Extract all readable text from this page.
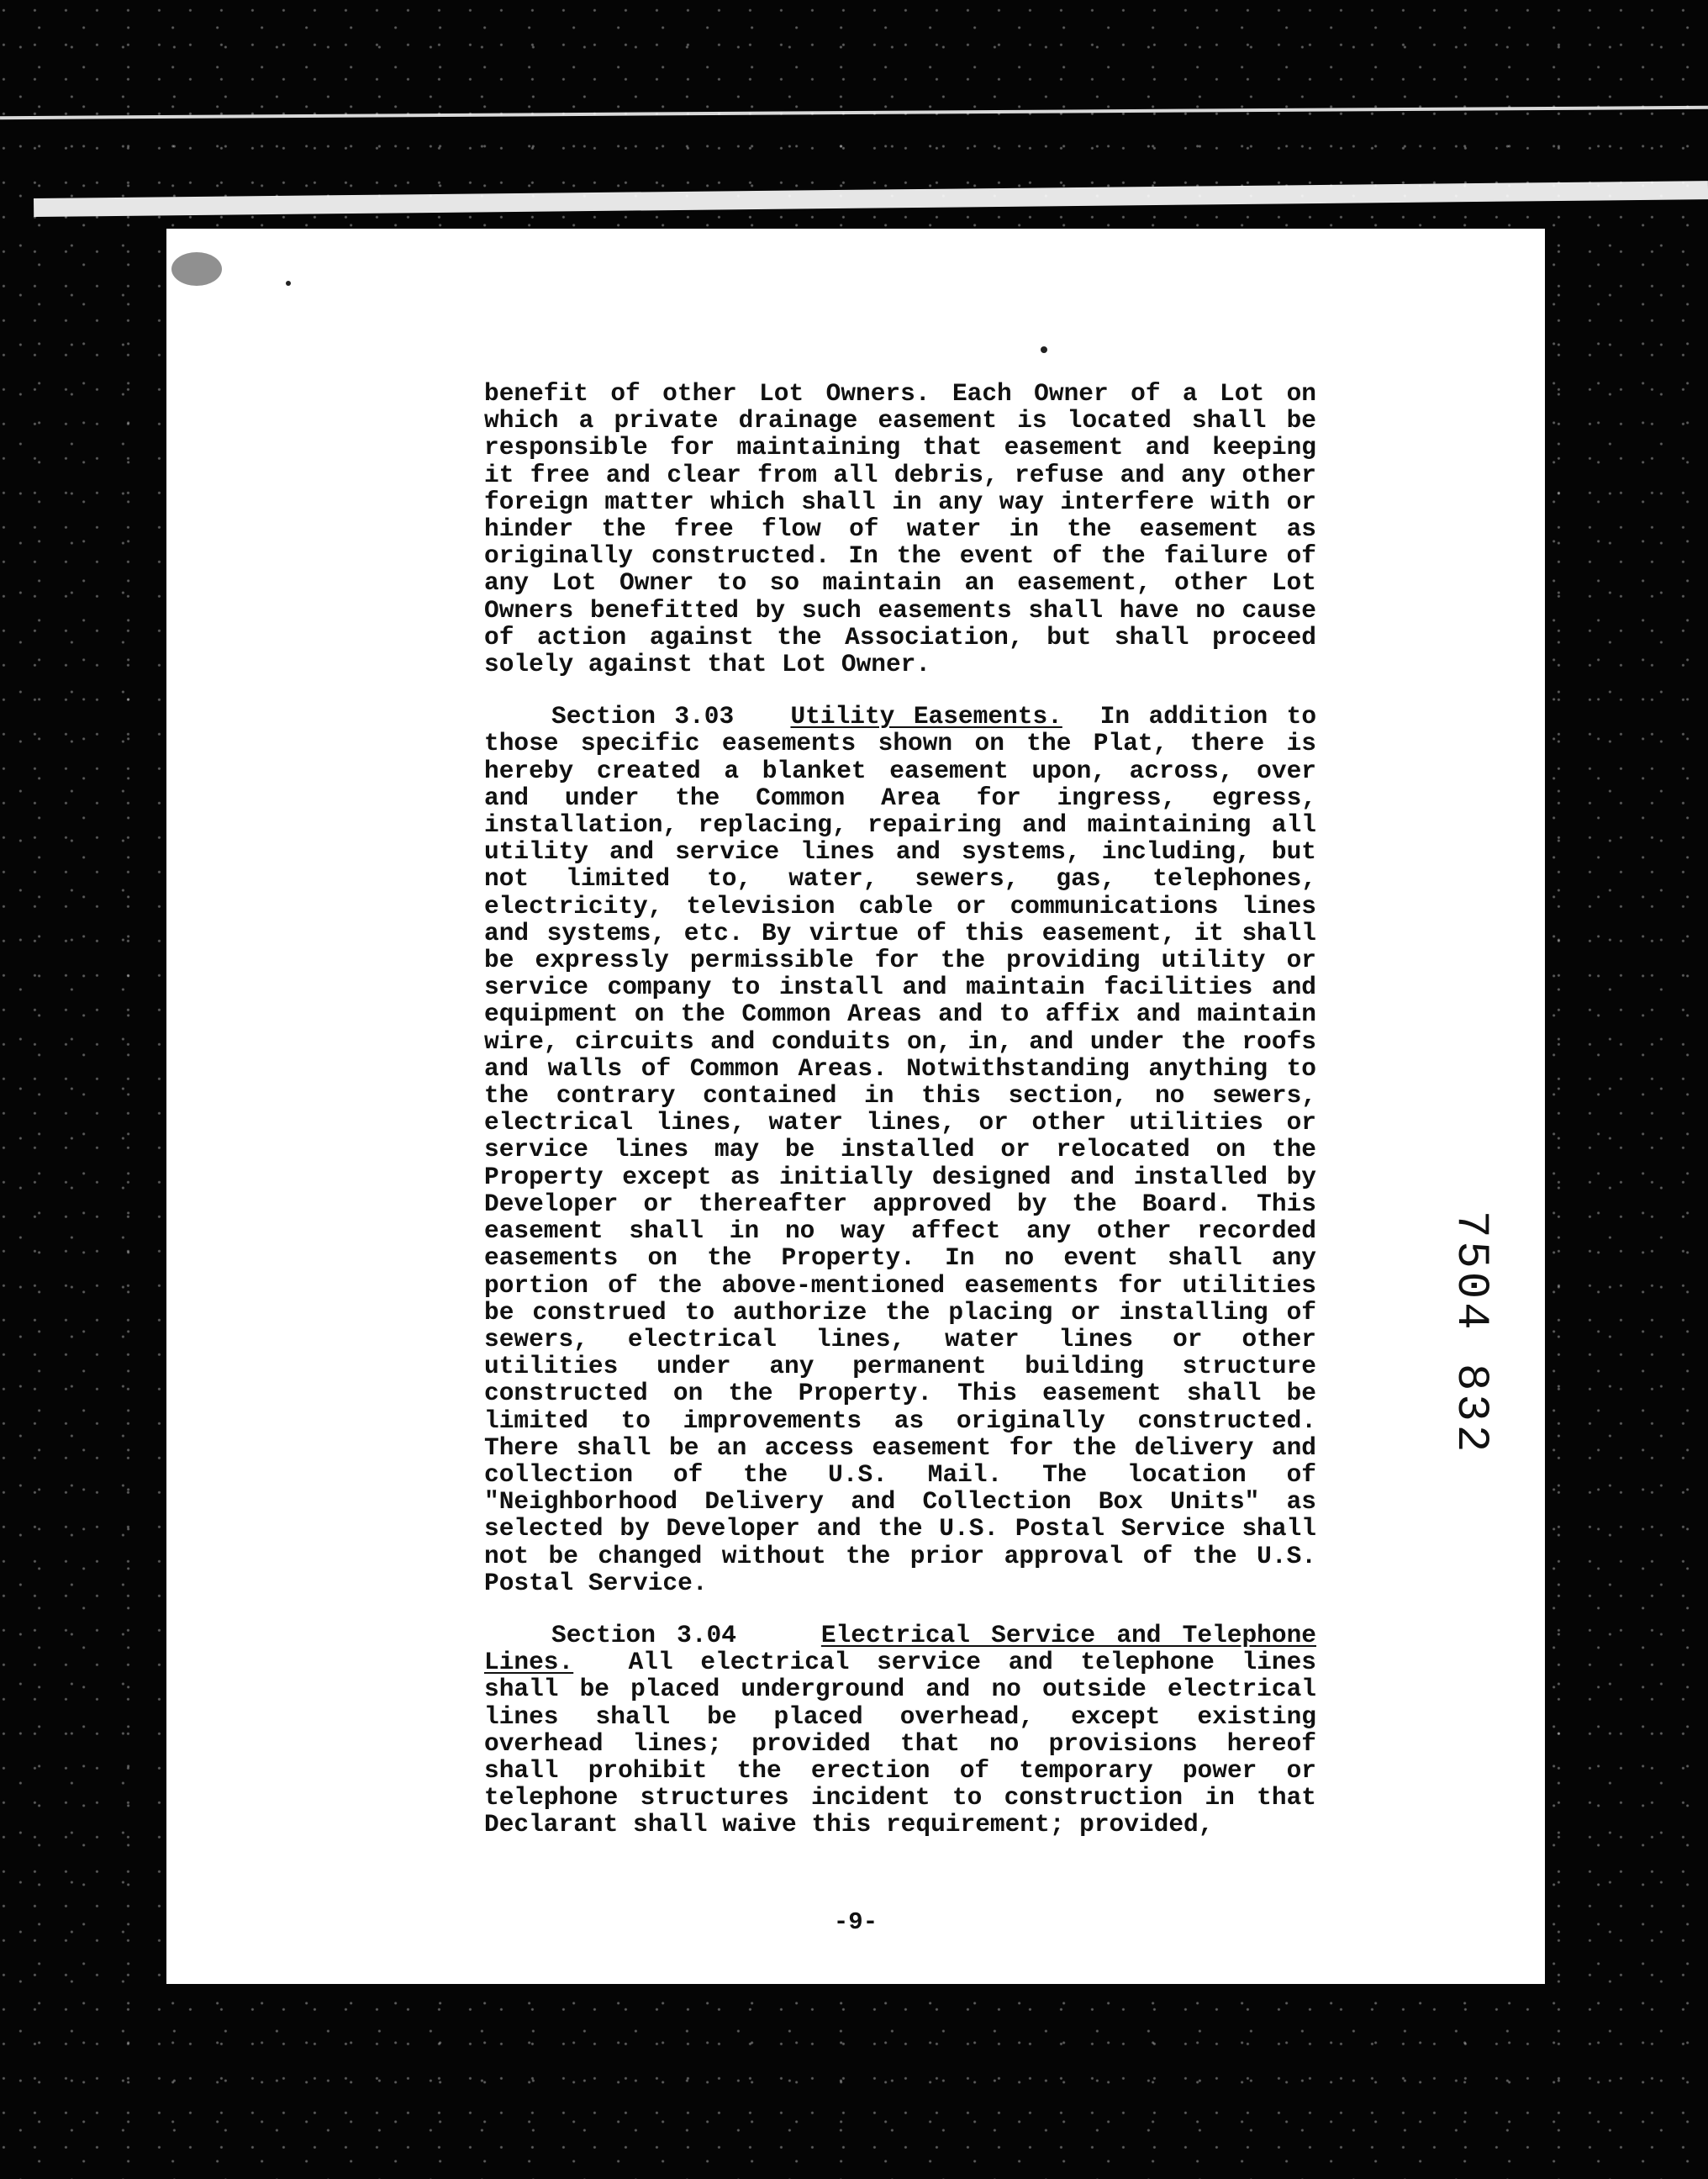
benefit of other Lot Owners. Each Owner of a Lot on which a private drainage easement is located shall be responsible for maintaining that easement and keeping it free and clear from all debris, refuse and any other foreign matter which shall in any way interfere with or hinder the free flow of water in the easement as originally constructed. In the event of the failure of any Lot Owner to so maintain an easement, other Lot Owners benefitted by such easements shall have no cause of action against the Association, but shall proceed solely against that Lot Owner.

Section 3.03 Utility Easements. In addition to those specific easements shown on the Plat, there is hereby created a blanket easement upon, across, over and under the Common Area for ingress, egress, installation, replacing, repairing and maintaining all utility and service lines and systems, including, but not limited to, water, sewers, gas, telephones, electricity, television cable or communications lines and systems, etc. By virtue of this easement, it shall be expressly permissible for the providing utility or service company to install and maintain facilities and equipment on the Common Areas and to affix and maintain wire, circuits and conduits on, in, and under the roofs and walls of Common Areas. Notwithstanding anything to the contrary contained in this section, no sewers, electrical lines, water lines, or other utilities or service lines may be installed or relocated on the Property except as initially designed and installed by Developer or thereafter approved by the Board. This easement shall in no way affect any other recorded easements on the Property. In no event shall any portion of the above-mentioned easements for utilities be construed to authorize the placing or installing of sewers, electrical lines, water lines or other utilities under any permanent building structure constructed on the Property. This easement shall be limited to improvements as originally constructed. There shall be an access easement for the delivery and collection of the U.S. Mail. The location of "Neighborhood Delivery and Collection Box Units" as selected by Developer and the U.S. Postal Service shall not be changed without the prior approval of the U.S. Postal Service.

Section 3.04	Electrical Service and Telephone Lines. All electrical service and telephone lines shall be placed underground and no outside electrical lines shall be placed overhead, except existing overhead lines; provided that no provisions hereof shall prohibit the erection of temporary power or telephone structures incident to construction in that Declarant shall waive this requirement; provided,

-9-
7504 832
